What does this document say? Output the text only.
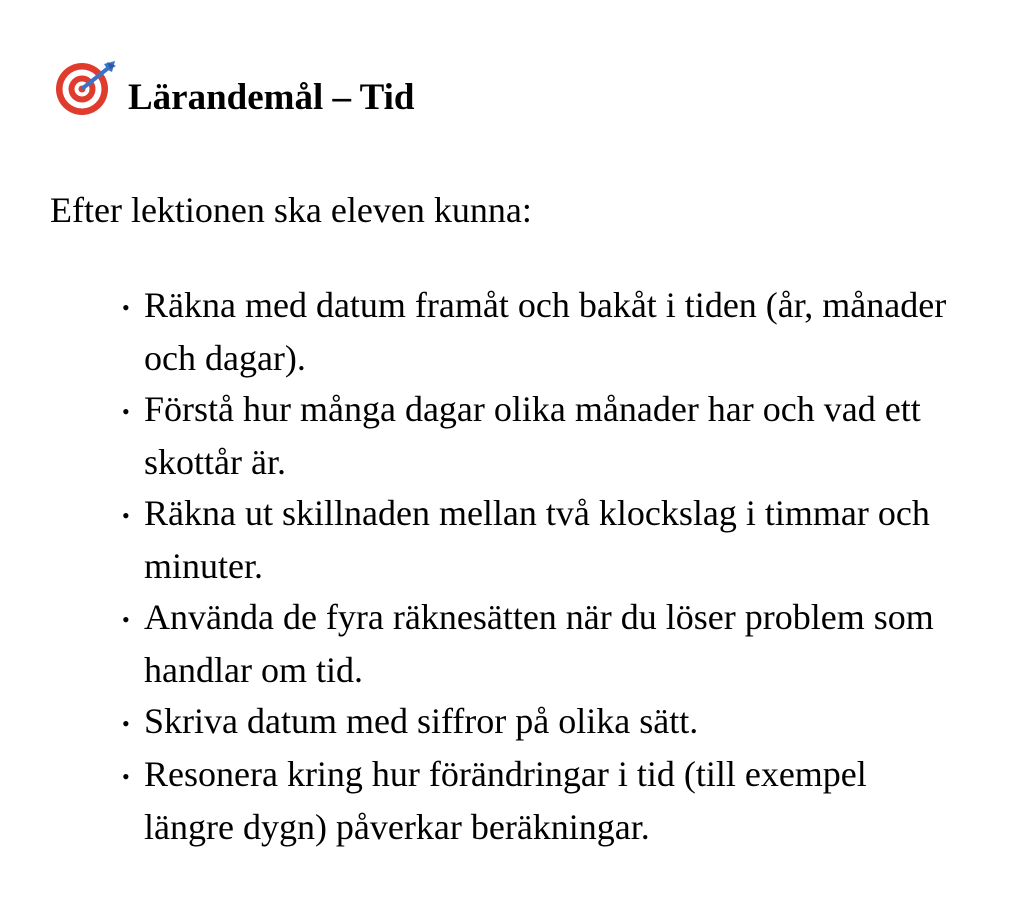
Lärandemål – Tid
Efter lektionen ska eleven kunna:
• Räkna med datum framåt och bakåt i tiden (år, månader och dagar).
• Förstå hur många dagar olika månader har och vad ett skottår är.
• Räkna ut skillnaden mellan två klockslag i timmar och minuter.
• Använda de fyra räknesätten när du löser problem som handlar om tid.
• Skriva datum med siffror på olika sätt.
• Resonera kring hur förändringar i tid (till exempel längre dygn) påverkar beräkningar.
